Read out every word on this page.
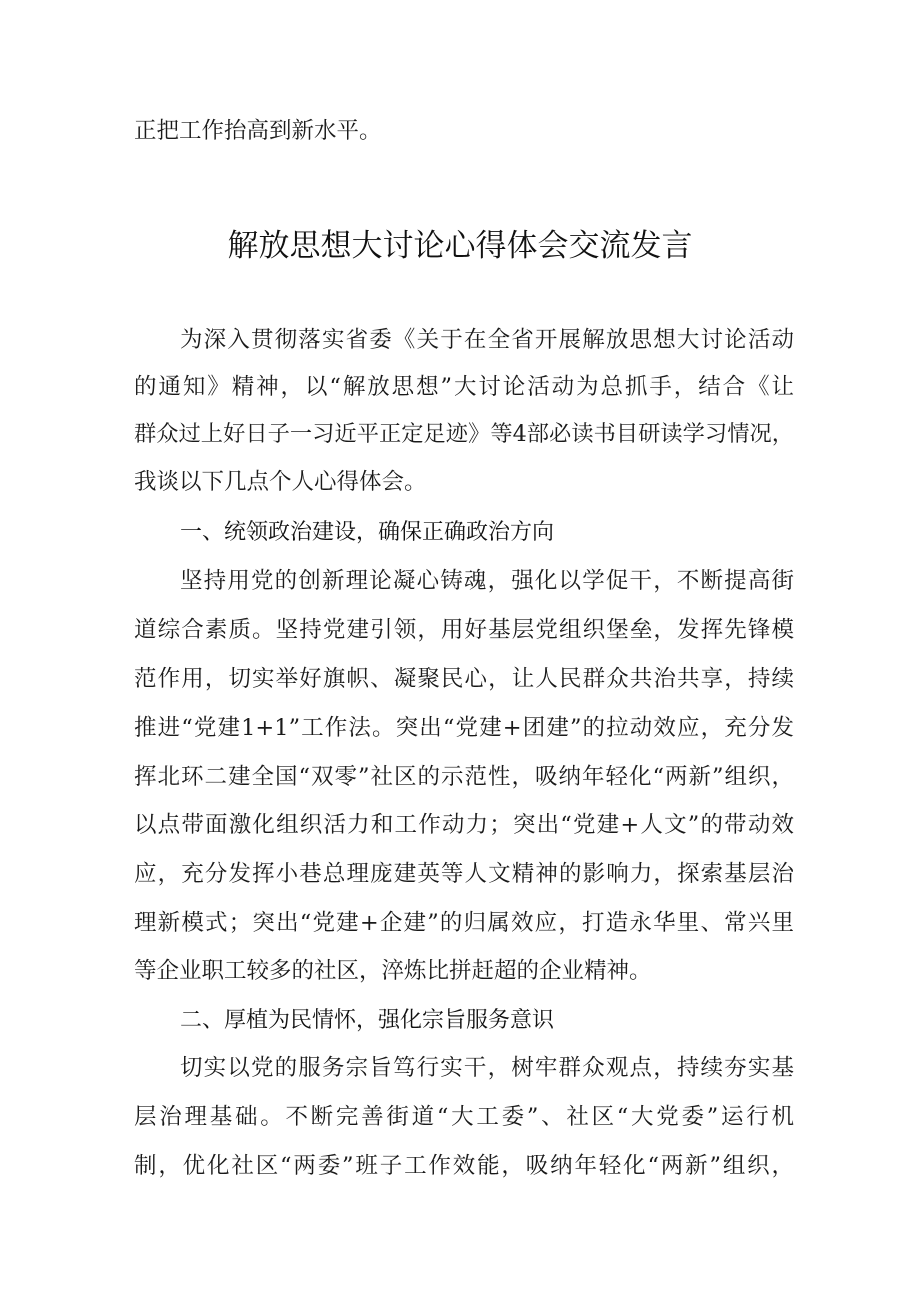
正把工作抬高到新水平。

解放思想大讨论心得体会交流发言

为深入贯彻落实省委《关于在全省开展解放思想大讨论活动

的通知》精神，以“解放思想”大讨论活动为总抓手，结合《让

群众过上好日子一习近平正定足迹》等4部必读书目研读学习情况，

我谈以下几点个人心得体会。

一、统领政治建设，确保正确政治方向

坚持用党的创新理论凝心铸魂，强化以学促干，不断提高街

道综合素质。坚持党建引领，用好基层党组织堡垒，发挥先锋模

范作用，切实举好旗帜、凝聚民心，让人民群众共治共享，持续

推进“党建1+1”工作法。突出“党建+团建”的拉动效应，充分发

挥北环二建全国“双零”社区的示范性，吸纳年轻化“两新”组织，

以点带面激化组织活力和工作动力；突出“党建+人文”的带动效

应，充分发挥小巷总理庞建英等人文精神的影响力，探索基层治

理新模式；突出“党建+企建”的归属效应，打造永华里、常兴里

等企业职工较多的社区，淬炼比拼赶超的企业精神。

二、厚植为民情怀，强化宗旨服务意识

切实以党的服务宗旨笃行实干，树牢群众观点，持续夯实基

层治理基础。不断完善街道“大工委”、社区“大党委”运行机

制，优化社区“两委”班子工作效能，吸纳年轻化“两新”组织，
